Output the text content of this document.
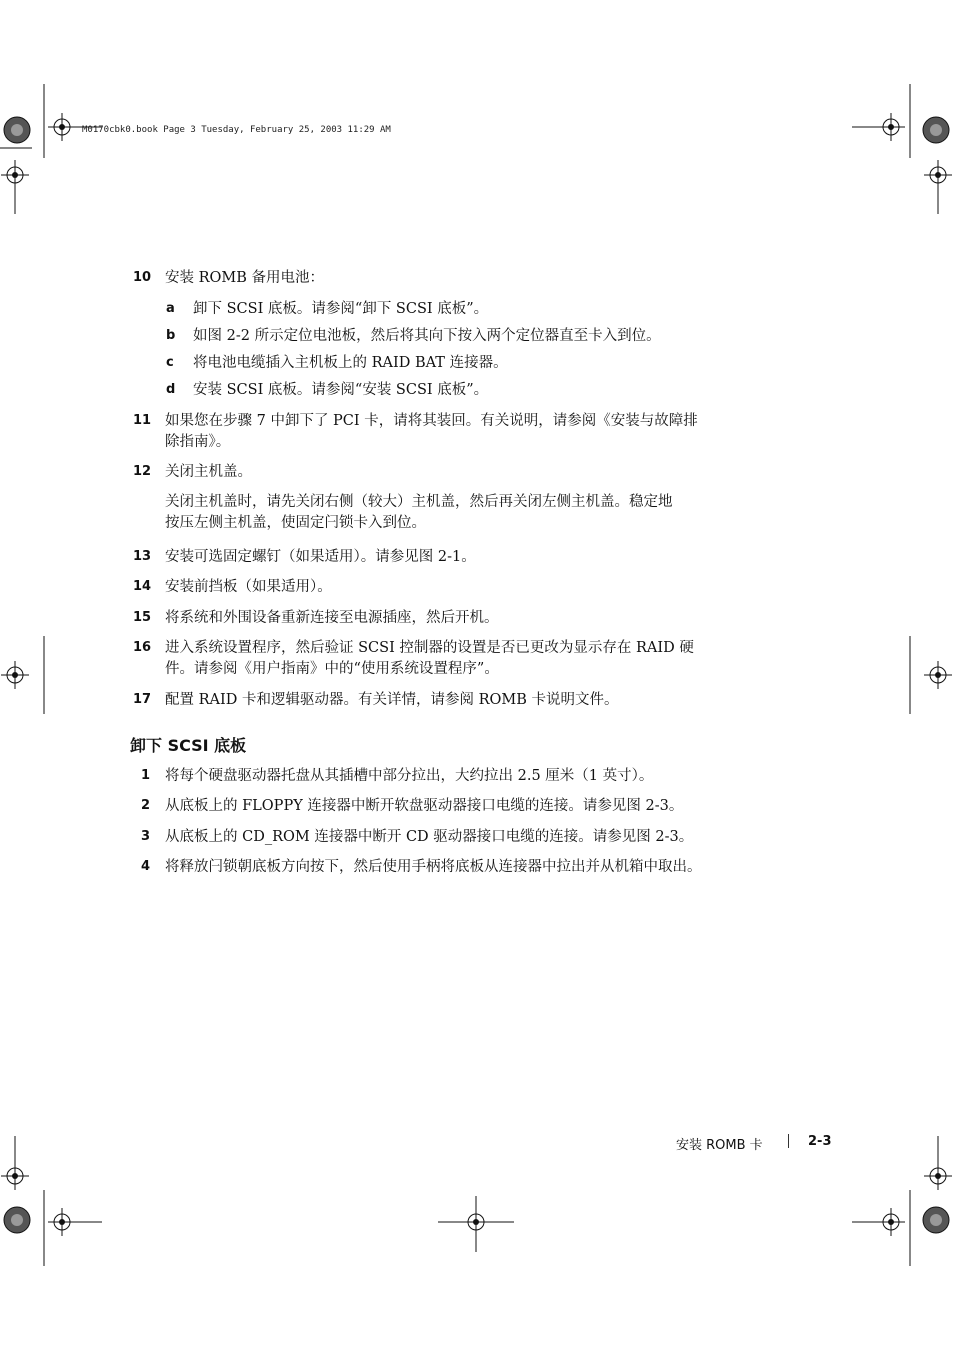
M0170cbk0.book Page 3 Tuesday, February 25, 2003 11:29 AM
10 安装 ROMB 备用电池：
a 卸下 SCSI 底板。请参阅“卸下 SCSI 底板”。
b 如图 2-2 所示定位电池板，然后将其向下按入两个定位器直至卡入到位。
c 将电池电缆插入主机板上的 RAID BAT 连接器。
d 安装 SCSI 底板。请参阅“安装 SCSI 底板”。
11 如果您在步骤 7 中卸下了 PCI 卡，请将其装回。有关说明，请参阅《安装与故障排
除指南》。
12 关闭主机盖。
关闭主机盖时，请先关闭右侧（较大）主机盖，然后再关闭左侧主机盖。稳定地
按压左侧主机盖，使固定闩锁卡入到位。
13 安装可选固定螺钉（如果适用）。请参见图 2-1。
14 安装前挡板（如果适用）。
15 将系统和外围设备重新连接至电源插座，然后开机。
16 进入系统设置程序，然后验证 SCSI 控制器的设置是否已更改为显示存在 RAID 硬
件。请参阅《用户指南》中的“使用系统设置程序”。
17 配置 RAID 卡和逻辑驱动器。有关详情，请参阅 ROMB 卡说明文件。
卸下 SCSI 底板
1 将每个硬盘驱动器托盘从其插槽中部分拉出，大约拉出 2.5 厘米（1 英寸）。
2 从底板上的 FLOPPY 连接器中断开软盘驱动器接口电缆的连接。请参见图 2-3。
3 从底板上的 CD_ROM 连接器中断开 CD 驱动器接口电缆的连接。请参见图 2-3。
4 将释放闩锁朝底板方向按下，然后使用手柄将底板从连接器中拉出并从机箱中取出。
安装 ROMB 卡	2-3
